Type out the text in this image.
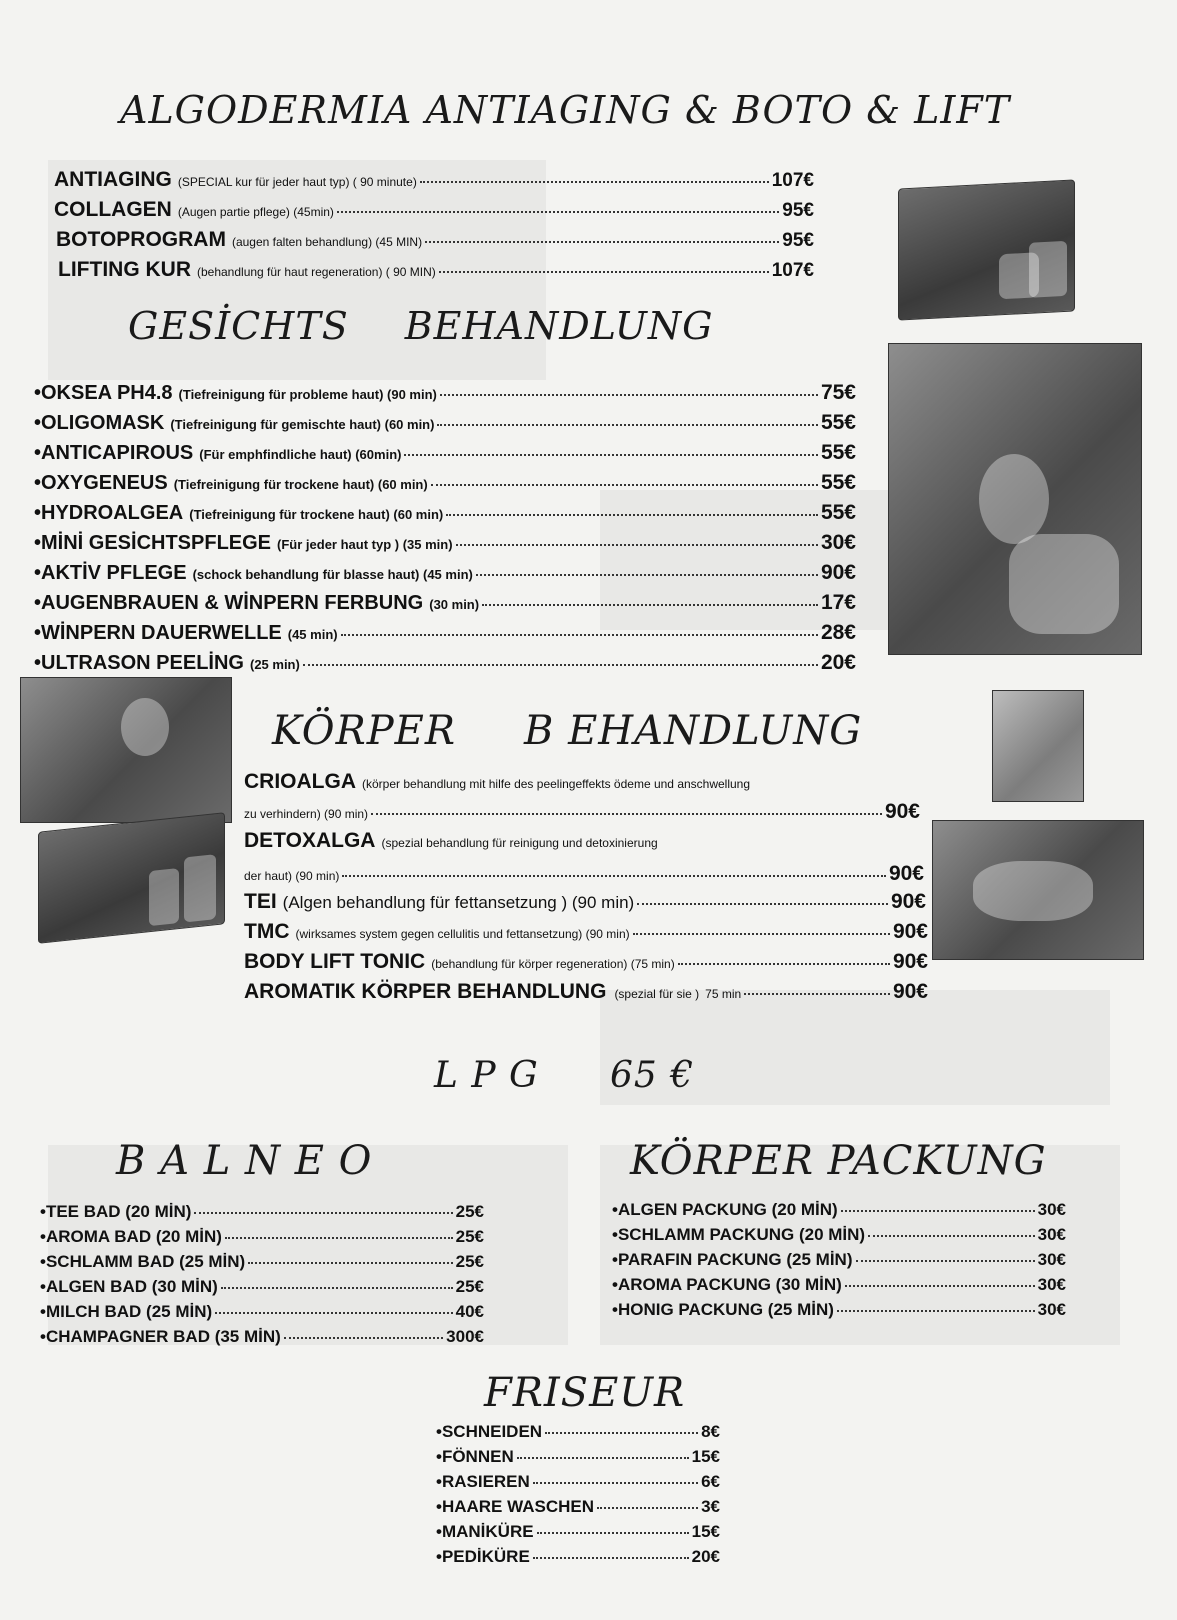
ALGODERMIA ANTIAGING & BOTO & LIFT
ANTIAGING (SPECIAL kur für jeder haut typ) ( 90 minute)	107€
COLLAGEN (Augen partie pflege) (45min)	95€
BOTOPROGRAM (augen falten behandlung) (45 MIN)	95€
LIFTING KUR (behandlung für haut regeneration) ( 90 MIN)	107€
GESİCHTS BEHANDLUNG
•OKSEA PH4.8 (Tiefreinigung für probleme haut) (90 min)	75€
•OLIGOMASK (Tiefreinigung für gemischte haut) (60 min)	55€
•ANTICAPIROUS (Für emphfindliche haut) (60min)	55€
•OXYGENEUS (Tiefreinigung für trockene haut) (60 min)	55€
•HYDROALGEA (Tiefreinigung für trockene haut) (60 min)	55€
•MİNİ GESİCHTSPFLEGE (Für jeder haut typ ) (35 min)	30€
•AKTİV PFLEGE (schock behandlung für blasse haut) (45 min)	90€
•AUGENBRAUEN & WİNPERN FERBUNG (30 min)	17€
•WİNPERN DAUERWELLE (45 min)	28€
•ULTRASON PEELİNG (25 min)	20€
KÖRPER B EHANDLUNG
CRIOALGA (körper behandlung mit hilfe des peelingeffekts ödeme und anschwellung
zu verhindern) (90 min)	90€
DETOXALGA (spezial behandlung für reinigung und detoxinierung
der haut) (90 min)	90€
TEI (Algen behandlung für fettansetzung ) (90 min)	90€
TMC (wirksames system gegen cellulitis und fettansetzung) (90 min)	90€
BODY LIFT TONIC (behandlung für körper regeneration) (75 min)	90€
AROMATIK KÖRPER BEHANDLUNG (spezial für sie ) 75 min	90€
L P G 65 €
B A L N E O
•TEE BAD (20 MİN)	25€
•AROMA BAD (20 MİN)	25€
•SCHLAMM BAD (25 MİN)	25€
•ALGEN BAD (30 MİN)	25€
•MILCH BAD (25 MİN)	40€
•CHAMPAGNER BAD (35 MİN)	300€
KÖRPER PACKUNG
•ALGEN PACKUNG (20 MİN)	30€
•SCHLAMM PACKUNG (20 MİN)	30€
•PARAFIN PACKUNG (25 MİN)	30€
•AROMA PACKUNG (30 MİN)	30€
•HONIG PACKUNG (25 MİN)	30€
FRISEUR
•SCHNEIDEN	8€
•FÖNNEN	15€
•RASIEREN	6€
•HAARE WASCHEN	3€
•MANİKÜRE	15€
•PEDİKÜRE	20€
